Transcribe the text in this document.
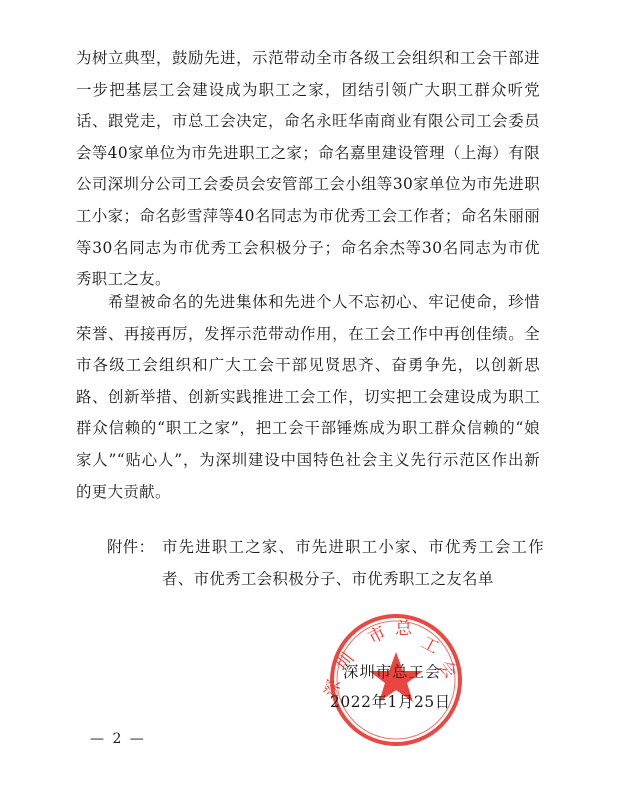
为树立典型，鼓励先进，示范带动全市各级工会组织和工会干部进一步把基层工会建设成为职工之家，团结引领广大职工群众听党话、跟党走，市总工会决定，命名永旺华南商业有限公司工会委员会等40家单位为市先进职工之家；命名嘉里建设管理（上海）有限公司深圳分公司工会委员会安管部工会小组等30家单位为市先进职工小家；命名彭雪萍等40名同志为市优秀工会工作者；命名朱丽丽等30名同志为市优秀工会积极分子；命名余杰等30名同志为市优秀职工之友。

希望被命名的先进集体和先进个人不忘初心、牢记使命，珍惜荣誉、再接再厉，发挥示范带动作用，在工会工作中再创佳绩。全市各级工会组织和广大工会干部见贤思齐、奋勇争先，以创新思路、创新举措、创新实践推进工会工作，切实把工会建设成为职工群众信赖的“职工之家”，把工会干部锤炼成为职工群众信赖的“娘家人”“贴心人”，为深圳建设中国特色社会主义先行示范区作出新的更大贡献。

附件： 市先进职工之家、市先进职工小家、市优秀工会工作者、市优秀工会积极分子、市优秀职工之友名单
市 总
工
会
圳
深
深圳市总工会
2022年1月25日
— 2 —
